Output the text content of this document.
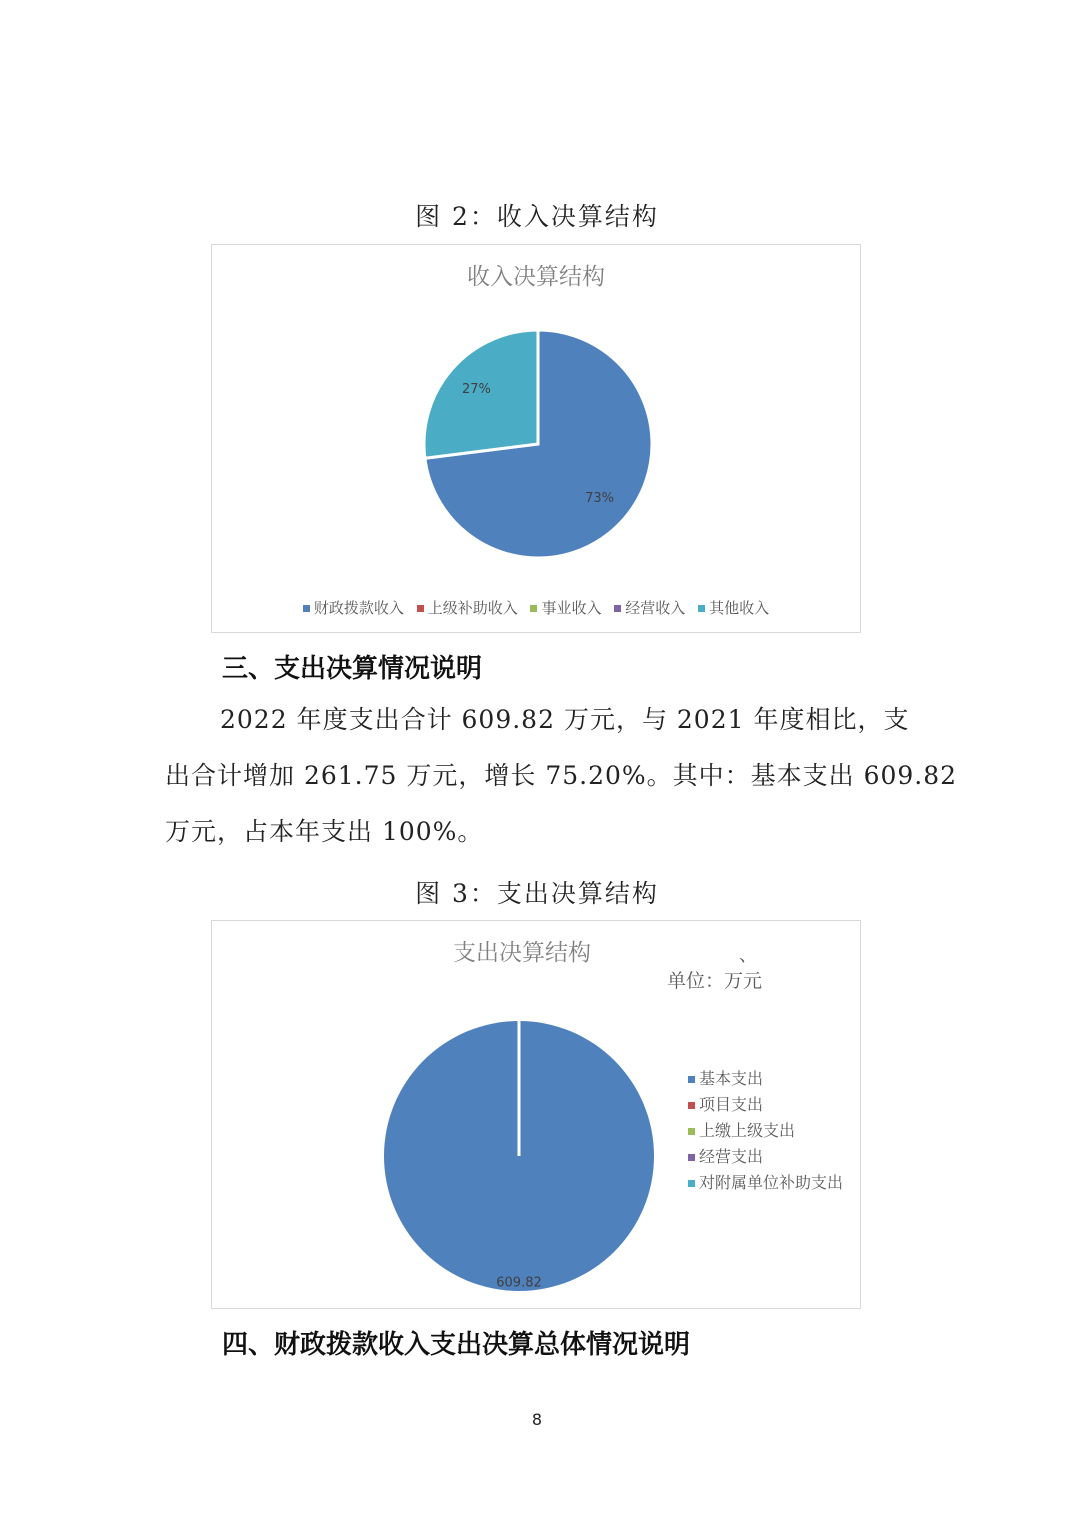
图 2：收入决算结构
收入决算结构
73%
27%
财政拨款收入 上级补助收入 事业收入 经营收入 其他收入
三、支出决算情况说明
2022 年度支出合计 609.82 万元，与 2021 年度相比，支
出合计增加 261.75 万元，增长 75.20%。其中：基本支出 609.82
万元，占本年支出 100%。
图 3：支出决算结构
支出决算结构	、
单位：万元
609.82
基本支出
项目支出
上缴上级支出
经营支出
对附属单位补助支出
四、财政拨款收入支出决算总体情况说明
8
